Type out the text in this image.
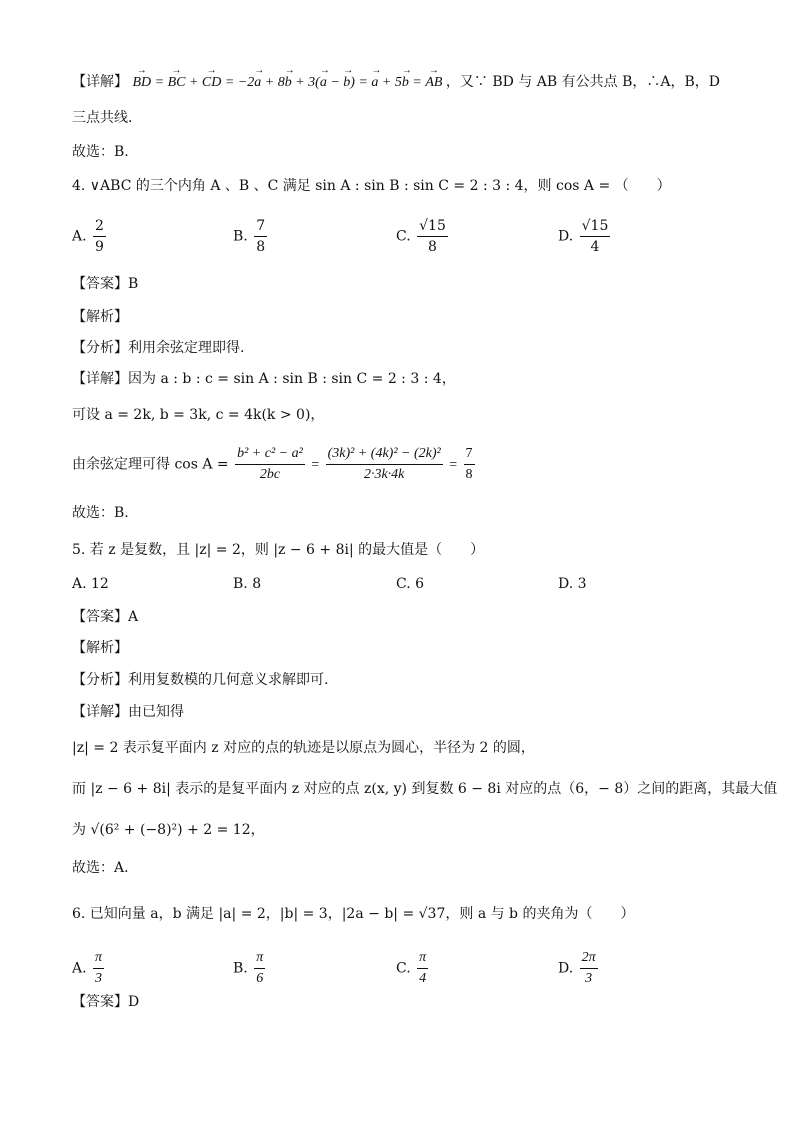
【详解】 → BD = → BC + → CD = −2→ a + 8→ b + 3(→ a − → b) = → a + 5→ b = → AB ，又∵ BD 与 AB 有公共点 B，∴A，B，D
三点共线．
故选：B.
4. ∨ABC 的三个内角 A 、B 、C 满足 sin A : sin B : sin C = 2 : 3 : 4，则 cos A = （　　）
A. $\frac{2}{9}$	B. $\frac{7}{8}$	C. $\frac{√15}{8}$	D. $\frac{√15}{4}$
【答案】B
【解析】
【分析】利用余弦定理即得.
【详解】因为 a : b : c = sin A : sin B : sin C = 2 : 3 : 4，
可设 a = 2k, b = 3k, c = 4k(k > 0)，
由余弦定理可得 $\cos A = \frac{\text{b² + c² − a²}}{2bc} = \frac{\text{(3k)² + (4k)² − (2k)²}}{2\cdot 3k\cdot 4k} = \frac{7}{8}$
故选：B.
5. 若 z 是复数，且 |z| = 2，则 |z − 6 + 8i| 的最大值是（　　）
A. 12	B. 8	C. 6	D. 3
【答案】A
【解析】
【分析】利用复数模的几何意义求解即可.
【详解】由已知得
|z| = 2 表示复平面内 z 对应的点的轨迹是以原点为圆心，半径为 2 的圆，
而 |z − 6 + 8i| 表示的是复平面内 z 对应的点 z(x, y) 到复数 6 − 8i 对应的点（6，− 8）之间的距离，其最大值
为 √(6² + (−8)²) + 2 = 12，
故选：A.
6. 已知向量 a，b 满足 |a| = 2，|b| = 3，|2a − b| = √37，则 a 与 b 的夹角为（　　）
A. $\frac{\pi}{3}$	B. $\frac{\pi}{6}$	C. $\frac{\pi}{4}$	D. $\frac{2\pi}{3}$
【答案】D
